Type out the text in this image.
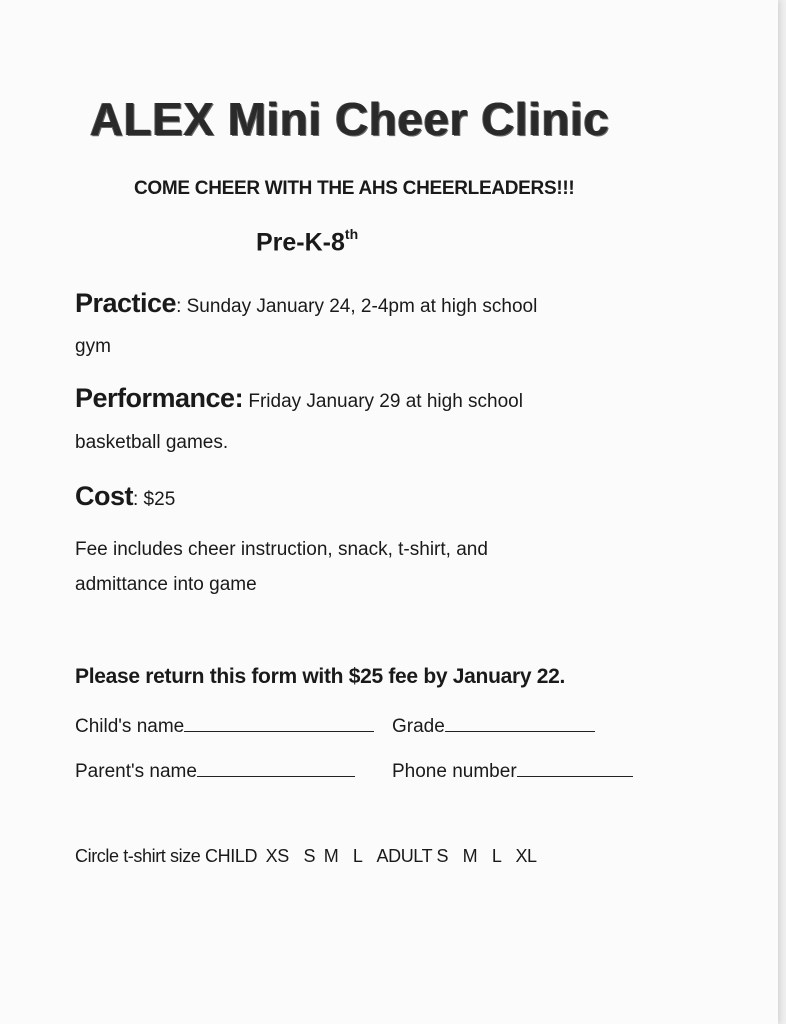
ALEX Mini Cheer Clinic
COME CHEER WITH THE AHS CHEERLEADERS!!!
Pre-K-8th
Practice: Sunday January 24, 2-4pm at high school
gym
Performance: Friday January 29 at high school
basketball games.
Cost: $25
Fee includes cheer instruction, snack, t-shirt, and
admittance into game
Please return this form with $25 fee by January 22.
Child's name	Grade
Parent's name	Phone number
Circle t-shirt size CHILD XS S M L ADULT S M L XL
